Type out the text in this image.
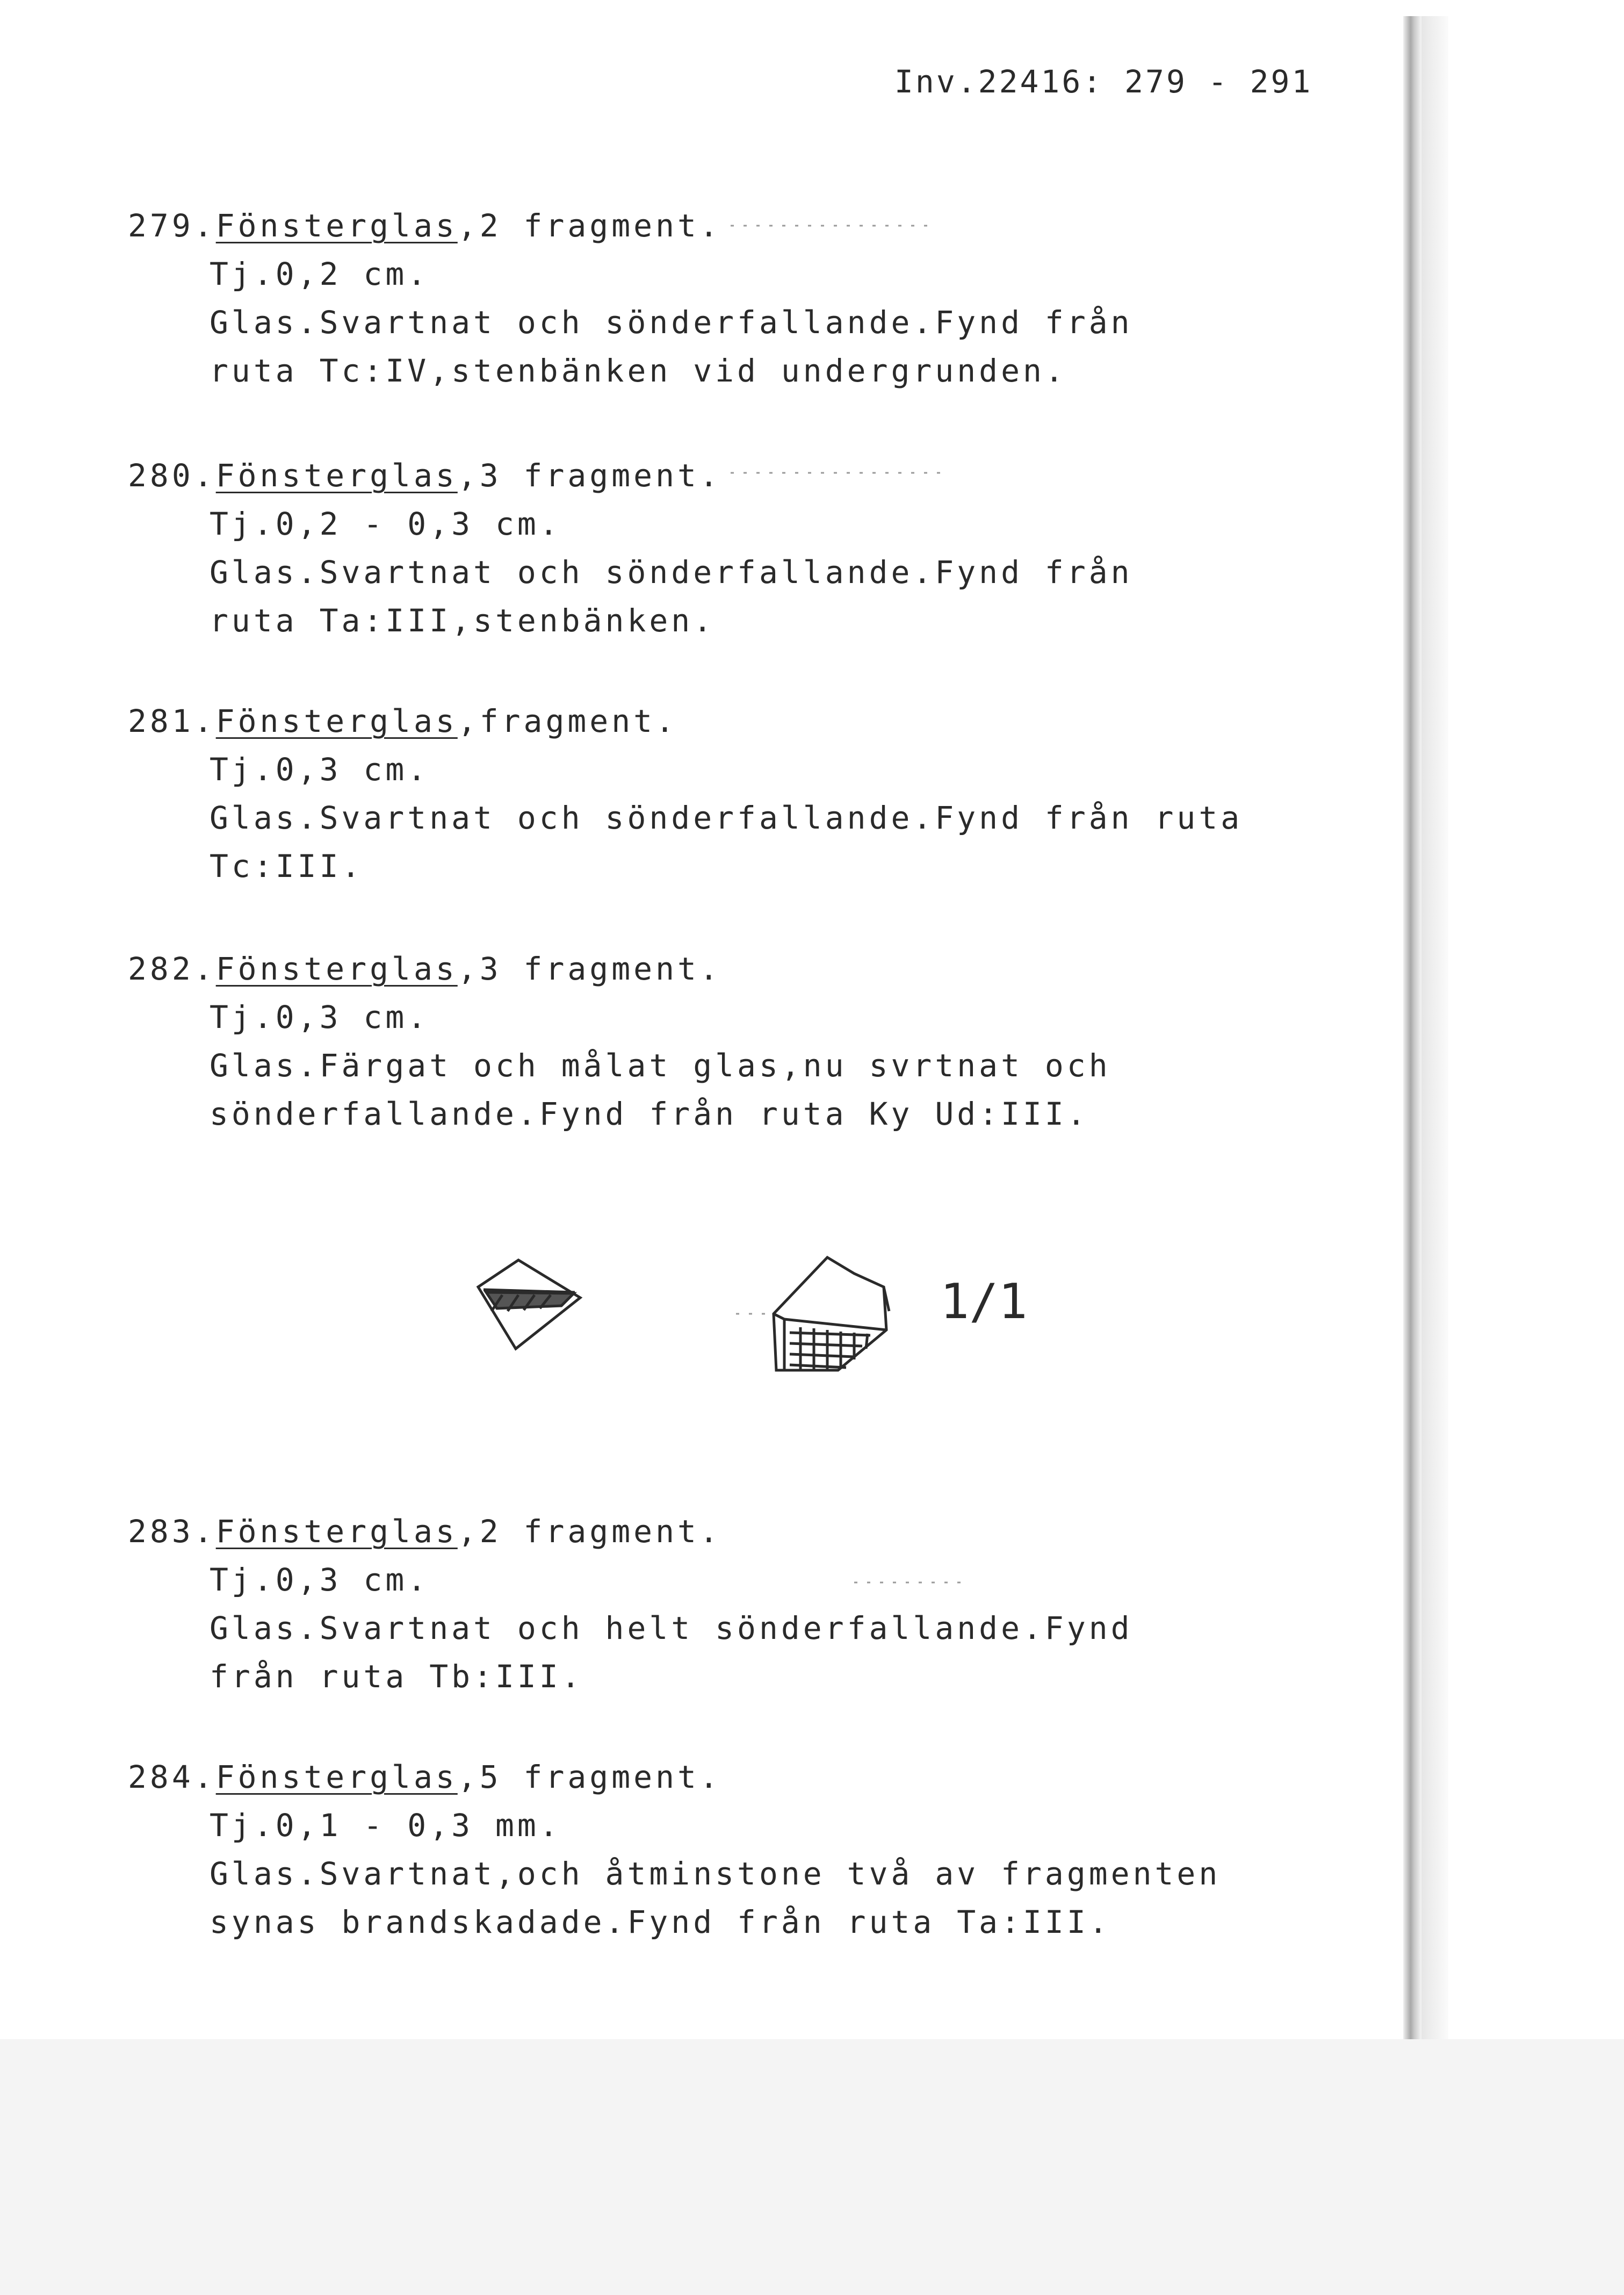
Inv.22416: 279 - 291
279.Fönsterglas,2 fragment.
Tj.0,2 cm.
Glas.Svartnat och sönderfallande.Fynd från
ruta Tc:IV,stenbänken vid undergrunden.
280.Fönsterglas,3 fragment.
Tj.0,2 - 0,3 cm.
Glas.Svartnat och sönderfallande.Fynd från
ruta Ta:III,stenbänken.
281.Fönsterglas,fragment.
Tj.0,3 cm.
Glas.Svartnat och sönderfallande.Fynd från ruta
Tc:III.
282.Fönsterglas,3 fragment.
Tj.0,3 cm.
Glas.Färgat och målat glas,nu svrtnat och
sönderfallande.Fynd från ruta Ky Ud:III.
1/1
283.Fönsterglas,2 fragment.
Tj.0,3 cm.
Glas.Svartnat och helt sönderfallande.Fynd
från ruta Tb:III.
284.Fönsterglas,5 fragment.
Tj.0,1 - 0,3 mm.
Glas.Svartnat,och åtminstone två av fragmenten
synas brandskadade.Fynd från ruta Ta:III.
